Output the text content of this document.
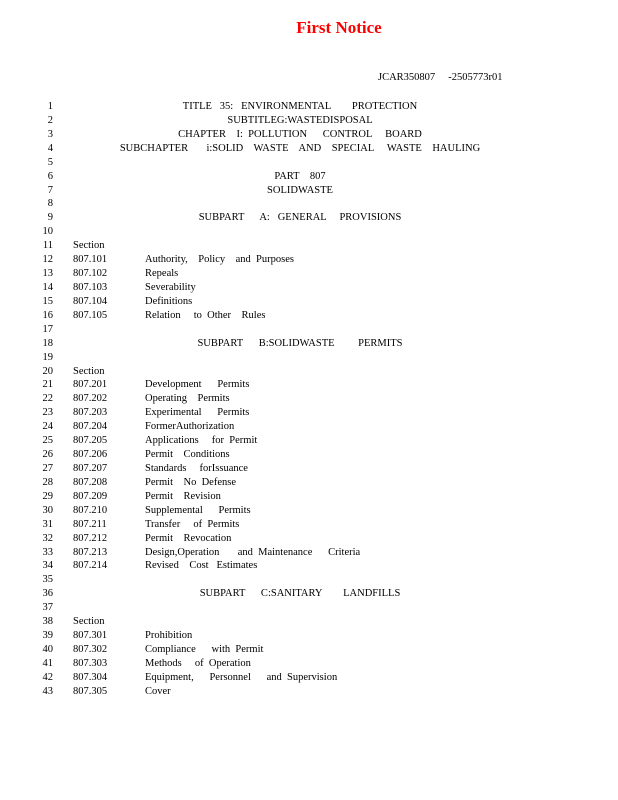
First Notice
JCAR350807     -2505773r01
1	TITLE   35:   ENVIRONMENTAL        PROTECTION
2	SUBTITLEG:WASTEDISPOSAL
3	CHAPTER    I:  POLLUTION      CONTROL     BOARD
4	SUBCHAPTER       i:SOLID    WASTE    AND    SPECIAL     WASTE    HAULING
5
6	PART    807
7	SOLIDWASTE
8
9	SUBPART      A:   GENERAL     PROVISIONS
10
11 Section
12 807.101	Authority,    Policy    and  Purposes
13 807.102	Repeals
14 807.103	Severability
15 807.104	Definitions
16 807.105	Relation     to  Other    Rules
17
18	SUBPART      B:SOLIDWASTE         PERMITS
19
20 Section
21 807.201	Development      Permits
22 807.202	Operating    Permits
23 807.203	Experimental      Permits
24 807.204	FormerAuthorization
25 807.205	Applications     for  Permit
26 807.206	Permit    Conditions
27 807.207	Standards     forIssuance
28 807.208	Permit    No  Defense
29 807.209	Permit    Revision
30 807.210	Supplemental      Permits
31 807.211	Transfer     of  Permits
32 807.212	Permit    Revocation
33 807.213	Design,Operation       and  Maintenance      Criteria
34 807.214	Revised    Cost   Estimates
35
36	SUBPART      C:SANITARY        LANDFILLS
37
38 Section
39 807.301	Prohibition
40 807.302	Compliance      with  Permit
41 807.303	Methods     of  Operation
42 807.304	Equipment,      Personnel      and  Supervision
43 807.305	Cover
